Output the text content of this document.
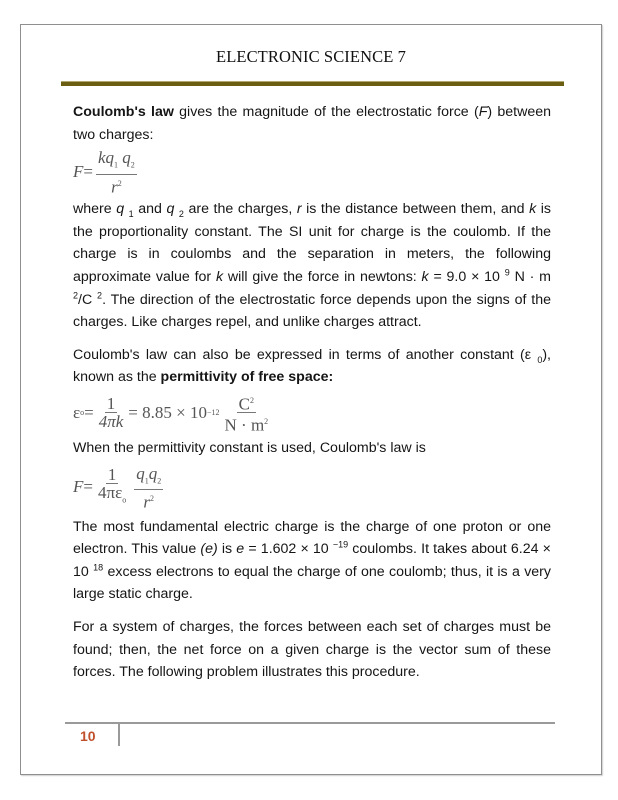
ELECTRONIC SCIENCE 7

Coulomb's law gives the magnitude of the electrostatic force (F) between two charges:

$F = \frac{kq_1 q_2}{r^2}$

where q $_1$ and q $_2$ are the charges, r is the distance between them, and k is the proportionality constant. The SI unit for charge is the coulomb. If the charge is in coulombs and the separation in meters, the following approximate value for k will give the force in newtons: k = 9.0 × 10 $^9$ N · m $^2$/C $^2$. The direction of the electrostatic force depends upon the signs of the charges. Like charges repel, and unlike charges attract.

Coulomb's law can also be expressed in terms of another constant (ε $_0$), known as the permittivity of free space:

ε $o = \frac{1}{4\pi k} = 8.85 \times 10 -12 \frac{C^2}{N \cdot m^2}$

When the permittivity constant is used, Coulomb's law is

$F = \frac{1}{4\pi\varepsilon_o} \frac{q_1q_2}{r^2}$

The most fundamental electric charge is the charge of one proton or one electron. This value (e) is e = 1.602 × 10 $^{-19}$ coulombs. It takes about 6.24 × 10 $^{18}$ excess electrons to equal the charge of one coulomb; thus, it is a very large static charge.

For a system of charges, the forces between each set of charges must be found; then, the net force on a given charge is the vector sum of these forces. The following problem illustrates this procedure.

10
